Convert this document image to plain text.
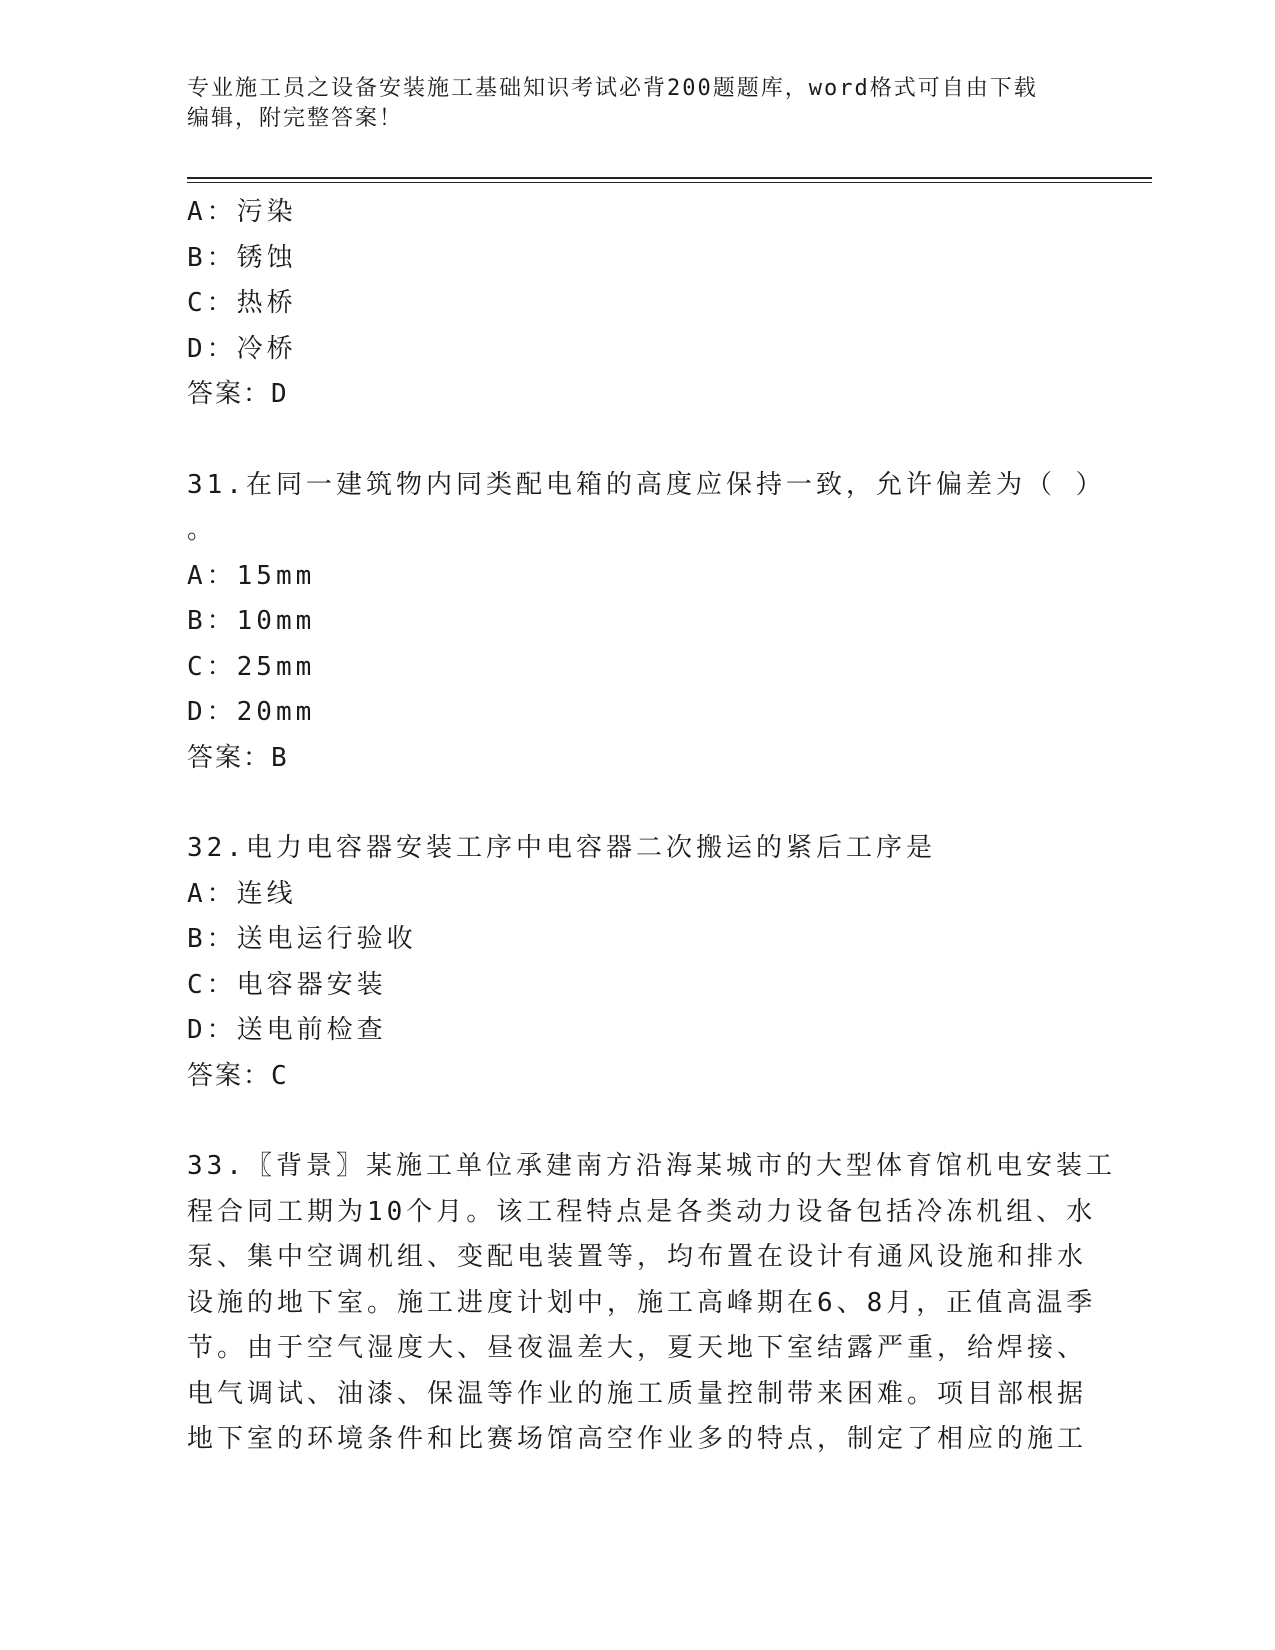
专业施工员之设备安装施工基础知识考试必背200题题库，word格式可自由下载
编辑，附完整答案！
A：污染
B：锈蚀
C：热桥
D：冷桥
答案：D
31.在同一建筑物内同类配电箱的高度应保持一致，允许偏差为（ ）
。
A：15mm
B：10mm
C：25mm
D：20mm
答案：B
32.电力电容器安装工序中电容器二次搬运的紧后工序是
A：连线
B：送电运行验收
C：电容器安装
D：送电前检查
答案：C
33.〖背景〗某施工单位承建南方沿海某城市的大型体育馆机电安装工
程合同工期为10个月。该工程特点是各类动力设备包括冷冻机组、水
泵、集中空调机组、变配电装置等，均布置在设计有通风设施和排水
设施的地下室。施工进度计划中，施工高峰期在6、8月，正值高温季
节。由于空气湿度大、昼夜温差大，夏天地下室结露严重，给焊接、
电气调试、油漆、保温等作业的施工质量控制带来困难。项目部根据
地下室的环境条件和比赛场馆高空作业多的特点，制定了相应的施工
